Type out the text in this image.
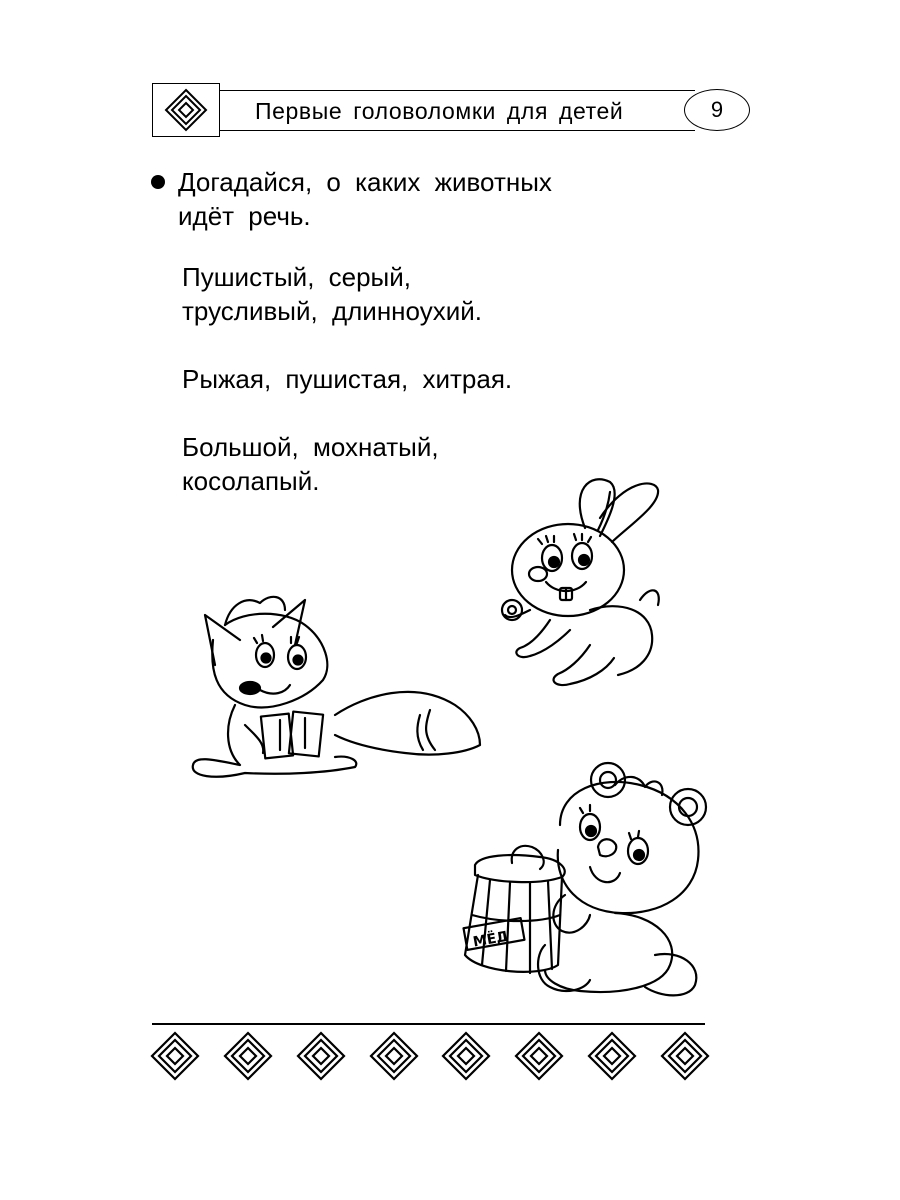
Первые головоломки для детей	9
Догадайся, о каких животных
идёт речь.
Пушистый, серый,
трусливый, длинноухий.
Рыжая, пушистая, хитрая.
Большой, мохнатый,
косолапый.
МЁД
